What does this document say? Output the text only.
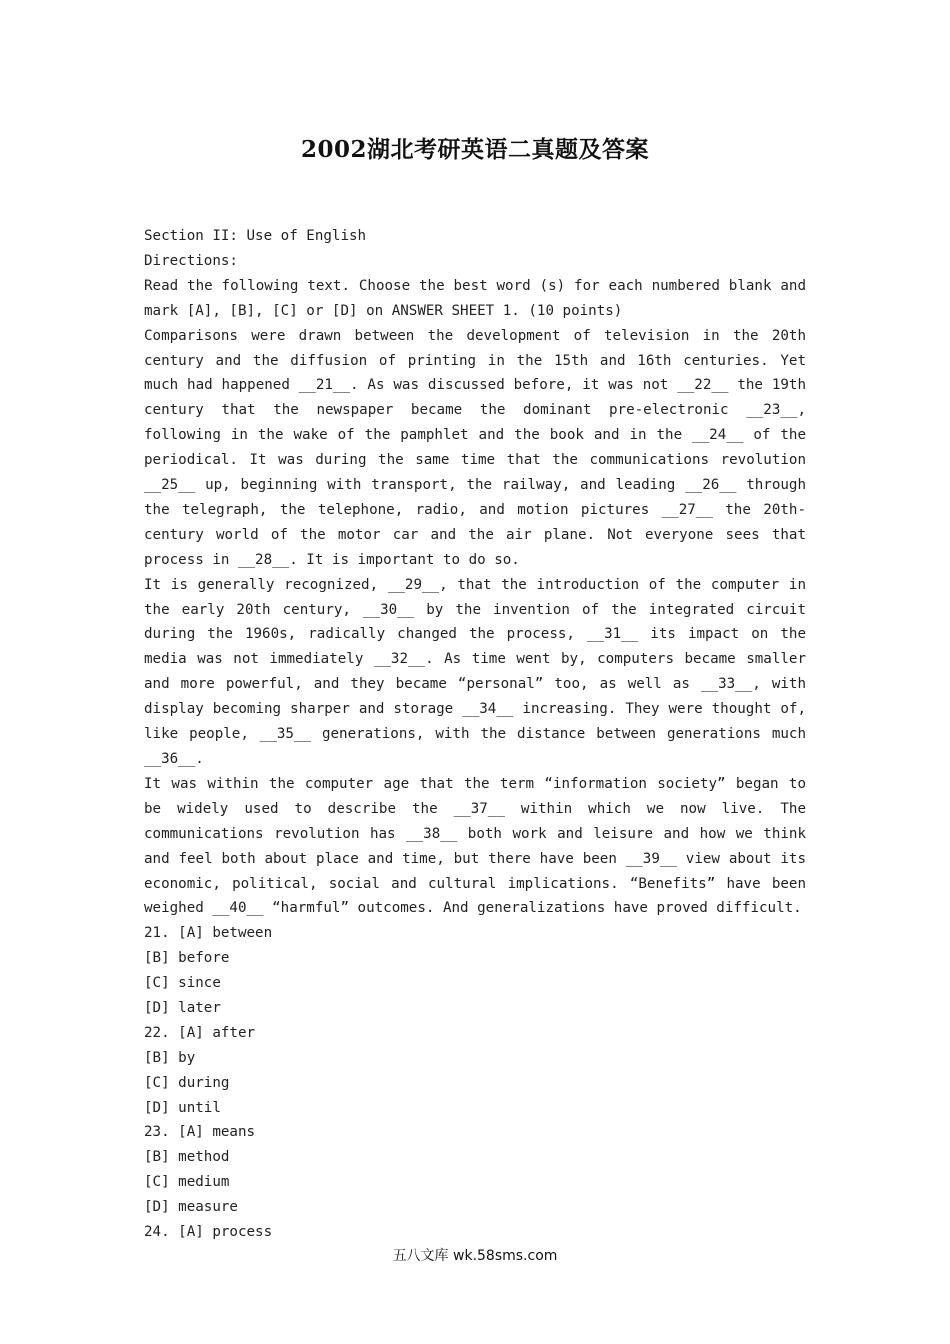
2002湖北考研英语二真题及答案
Section II: Use of English
Directions:
Read the following text. Choose the best word (s) for each numbered blank and mark [A], [B], [C] or [D] on ANSWER SHEET 1. (10 points)
Comparisons were drawn between the development of television in the 20th century and the diffusion of printing in the 15th and 16th centuries. Yet much had happened __21__. As was discussed before, it was not __22__ the 19th century that the newspaper became the dominant pre-electronic __23__, following in the wake of the pamphlet and the book and in the __24__ of the periodical. It was during the same time that the communications revolution __25__ up, beginning with transport, the railway, and leading __26__ through the telegraph, the telephone, radio, and motion pictures __27__ the 20th-century world of the motor car and the air plane. Not everyone sees that process in __28__. It is important to do so.
It is generally recognized, __29__, that the introduction of the computer in the early 20th century, __30__ by the invention of the integrated circuit during the 1960s, radically changed the process, __31__ its impact on the media was not immediately __32__. As time went by, computers became smaller and more powerful, and they became “personal” too, as well as __33__, with display becoming sharper and storage __34__ increasing. They were thought of, like people, __35__ generations, with the distance between generations much __36__.
It was within the computer age that the term “information society” began to be widely used to describe the __37__ within which we now live. The communications revolution has __38__ both work and leisure and how we think and feel both about place and time, but there have been __39__ view about its economic, political, social and cultural implications. “Benefits” have been weighed __40__ “harmful” outcomes. And generalizations have proved difficult.
21. [A] between
[B] before
[C] since
[D] later
22. [A] after
[B] by
[C] during
[D] until
23. [A] means
[B] method
[C] medium
[D] measure
24. [A] process
五八文库 wk.58sms.com
